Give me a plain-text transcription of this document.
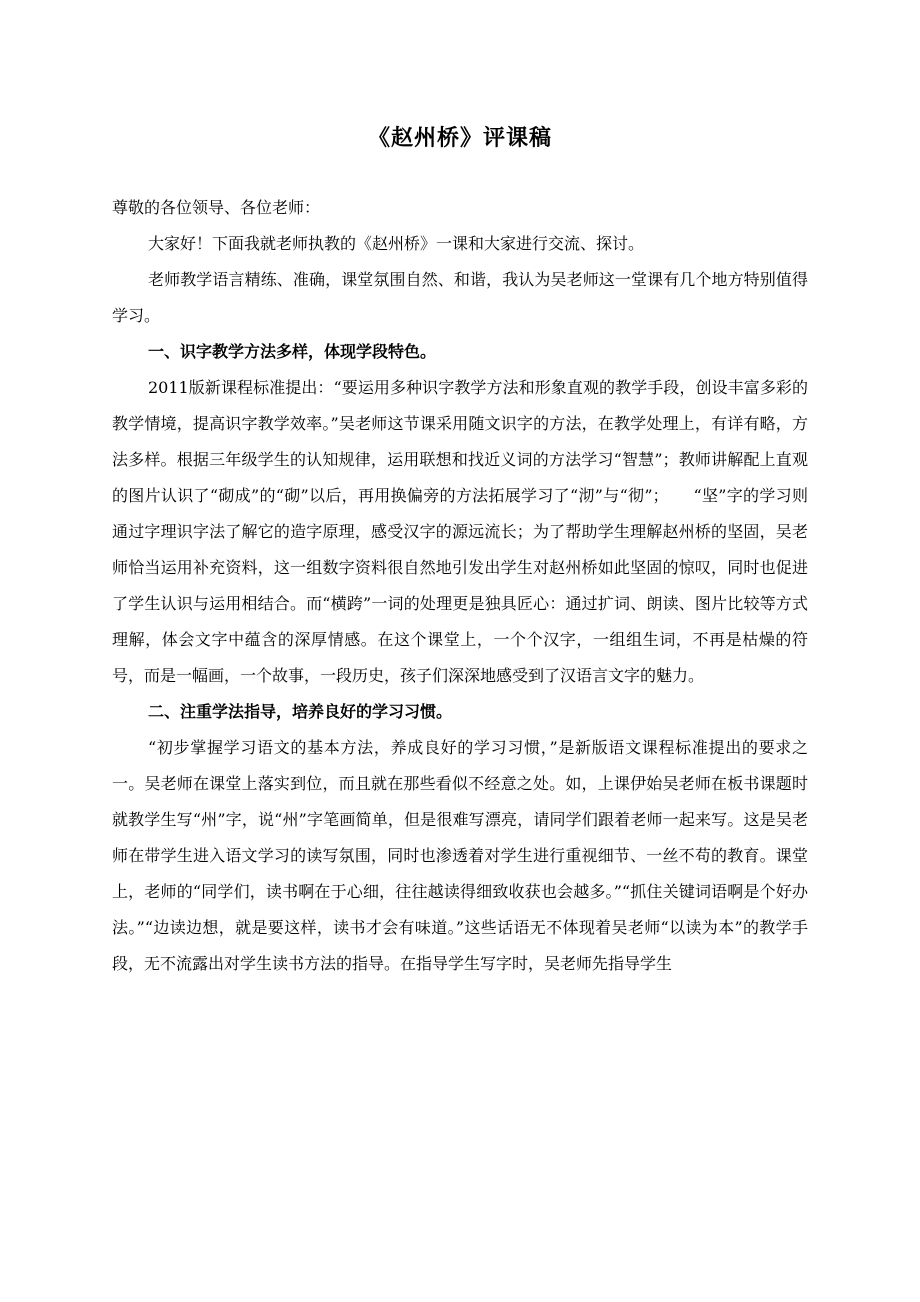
《赵州桥》评课稿

尊敬的各位领导、各位老师：

大家好！下面我就老师执教的《赵州桥》一课和大家进行交流、探讨。

老师教学语言精练、准确，课堂氛围自然、和谐，我认为吴老师这一堂课有几个地方特别值得学习。

一、识字教学方法多样，体现学段特色。

2011版新课程标准提出：“要运用多种识字教学方法和形象直观的教学手段，创设丰富多彩的教学情境，提高识字教学效率。”吴老师这节课采用随文识字的方法，在教学处理上，有详有略，方法多样。根据三年级学生的认知规律，运用联想和找近义词的方法学习“智慧”；教师讲解配上直观的图片认识了“砌成”的“砌”以后，再用换偏旁的方法拓展学习了“沏”与“彻”；　　“坚”字的学习则通过字理识字法了解它的造字原理，感受汉字的源远流长；为了帮助学生理解赵州桥的坚固，吴老师恰当运用补充资料，这一组数字资料很自然地引发出学生对赵州桥如此坚固的惊叹，同时也促进了学生认识与运用相结合。而“横跨”一词的处理更是独具匠心：通过扩词、朗读、图片比较等方式理解，体会文字中蕴含的深厚情感。在这个课堂上，一个个汉字，一组组生词，不再是枯燥的符号，而是一幅画，一个故事，一段历史，孩子们深深地感受到了汉语言文字的魅力。

二、注重学法指导，培养良好的学习习惯。

“初步掌握学习语文的基本方法，养成良好的学习习惯，”是新版语文课程标准提出的要求之一。吴老师在课堂上落实到位，而且就在那些看似不经意之处。如，上课伊始吴老师在板书课题时就教学生写“州”字，说“州”字笔画简单，但是很难写漂亮，请同学们跟着老师一起来写。这是吴老师在带学生进入语文学习的读写氛围，同时也渗透着对学生进行重视细节、一丝不苟的教育。课堂上，老师的“同学们，读书啊在于心细，往往越读得细致收获也会越多。”“抓住关键词语啊是个好办法。”“边读边想，就是要这样，读书才会有味道。”这些话语无不体现着吴老师“以读为本”的教学手段，无不流露出对学生读书方法的指导。在指导学生写字时，吴老师先指导学生
